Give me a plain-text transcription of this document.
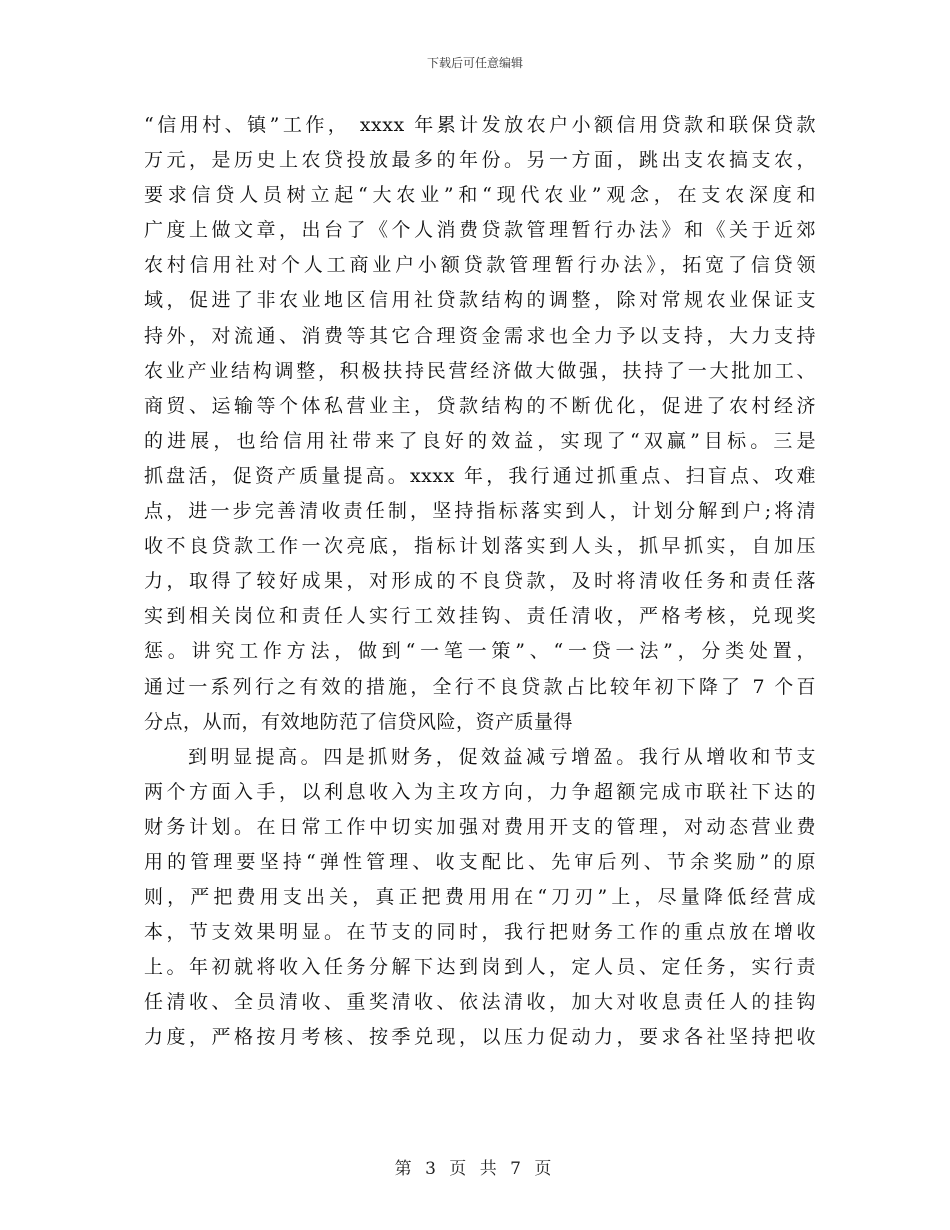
下载后可任意编辑
“信用村、镇”工作， xxxx 年累计发放农户小额信用贷款和联保贷款
万元，是历史上农贷投放最多的年份。另一方面，跳出支农搞支农，
要求信贷人员树立起“大农业”和“现代农业”观念，在支农深度和
广度上做文章，出台了《个人消费贷款管理暂行办法》和《关于近郊
农村信用社对个人工商业户小额贷款管理暂行办法》，拓宽了信贷领
域，促进了非农业地区信用社贷款结构的调整，除对常规农业保证支
持外，对流通、消费等其它合理资金需求也全力予以支持，大力支持
农业产业结构调整，积极扶持民营经济做大做强，扶持了一大批加工、
商贸、运输等个体私营业主，贷款结构的不断优化，促进了农村经济
的进展，也给信用社带来了良好的效益，实现了“双赢”目标。三是
抓盘活，促资产质量提高。xxxx 年，我行通过抓重点、扫盲点、攻难
点，进一步完善清收责任制，坚持指标落实到人，计划分解到户;将清
收不良贷款工作一次亮底，指标计划落实到人头，抓早抓实，自加压
力，取得了较好成果，对形成的不良贷款，及时将清收任务和责任落
实到相关岗位和责任人实行工效挂钩、责任清收，严格考核，兑现奖
惩。讲究工作方法，做到“一笔一策”、“一贷一法”，分类处置，
通过一系列行之有效的措施，全行不良贷款占比较年初下降了 7 个百
分点，从而，有效地防范了信贷风险，资产质量得
到明显提高。四是抓财务，促效益减亏增盈。我行从增收和节支
两个方面入手，以利息收入为主攻方向，力争超额完成市联社下达的
财务计划。在日常工作中切实加强对费用开支的管理，对动态营业费
用的管理要坚持“弹性管理、收支配比、先审后列、节余奖励”的原
则，严把费用支出关，真正把费用用在“刀刃”上，尽量降低经营成
本，节支效果明显。在节支的同时，我行把财务工作的重点放在增收
上。年初就将收入任务分解下达到岗到人，定人员、定任务，实行责
任清收、全员清收、重奖清收、依法清收，加大对收息责任人的挂钩
力度，严格按月考核、按季兑现，以压力促动力，要求各社坚持把收
第 3 页 共 7 页
